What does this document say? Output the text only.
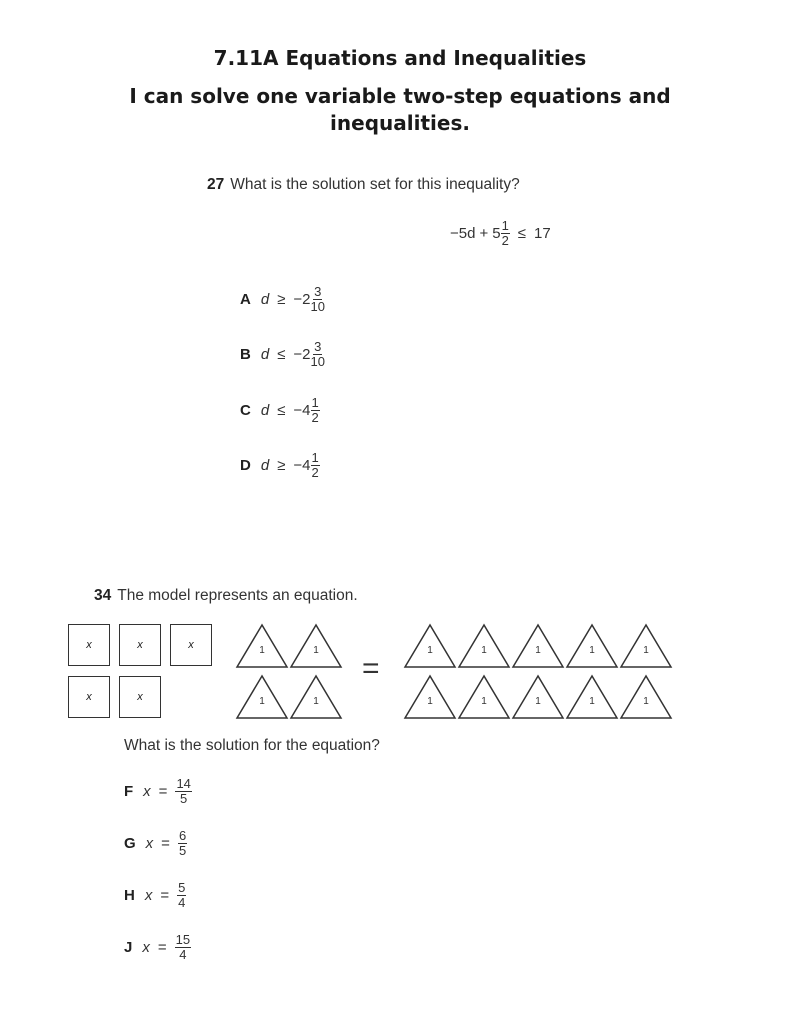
7.11A Equations and Inequalities
I can solve one variable two-step equations and
inequalities.
27 What is the solution set for this inequality?
$-5d + 5 \frac{1}{2} \le 17$
A $d \ge -2 \frac{3}{10}$
B $d \le -2 \frac{3}{10}$
C $d \le -4 \frac{1}{2}$
D $d \ge -4 \frac{1}{2}$
34 The model represents an equation.
x	x	x
x	x
1
1
1
1
1
1
1
1
1
1
1
1
1
1
=
What is the solution for the equation?
F $x = \frac{14}{5}$
G $x = \frac{6}{5}$
H $x = \frac{5}{4}$
J $x = \frac{15}{4}$
